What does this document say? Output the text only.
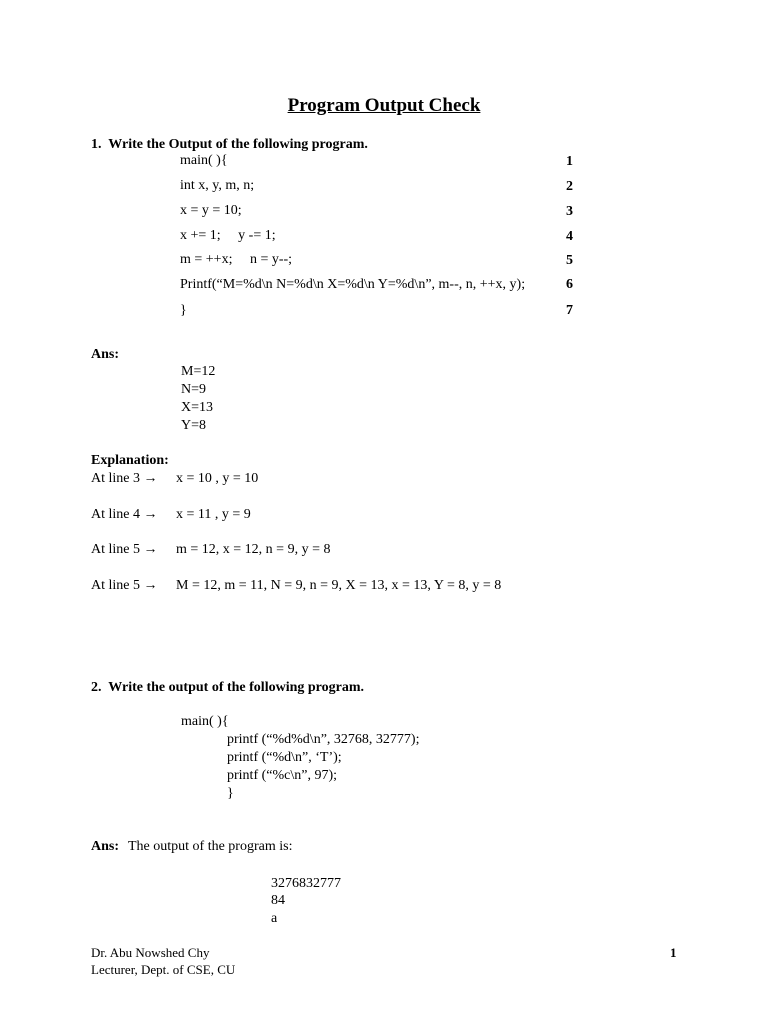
Program Output Check
1.  Write the Output of the following program.
main( ){	1
int x, y, m, n;	2
x = y = 10;	3
x += 1;     y -= 1;	4
m = ++x;     n = y--;	5
Printf(“M=%d\n N=%d\n X=%d\n Y=%d\n”, m--, n, ++x, y);	6
}	7
Ans:
M=12
N=9
X=13
Y=8
Explanation:
At line 3 → x = 10 , y = 10
At line 4 → x = 11 , y = 9
At line 5 → m = 12, x = 12, n = 9, y = 8
At line 5 → M = 12, m = 11, N = 9, n = 9, X = 13, x = 13, Y = 8, y = 8
2.  Write the output of the following program.
main( ){
printf (“%d%d\n”, 32768, 32777);
printf (“%d\n”, ‘T’);
printf (“%c\n”, 97);
}
Ans: The output of the program is:
3276832777
84
a
Dr. Abu Nowshed Chy
Lecturer, Dept. of CSE, CU
1
